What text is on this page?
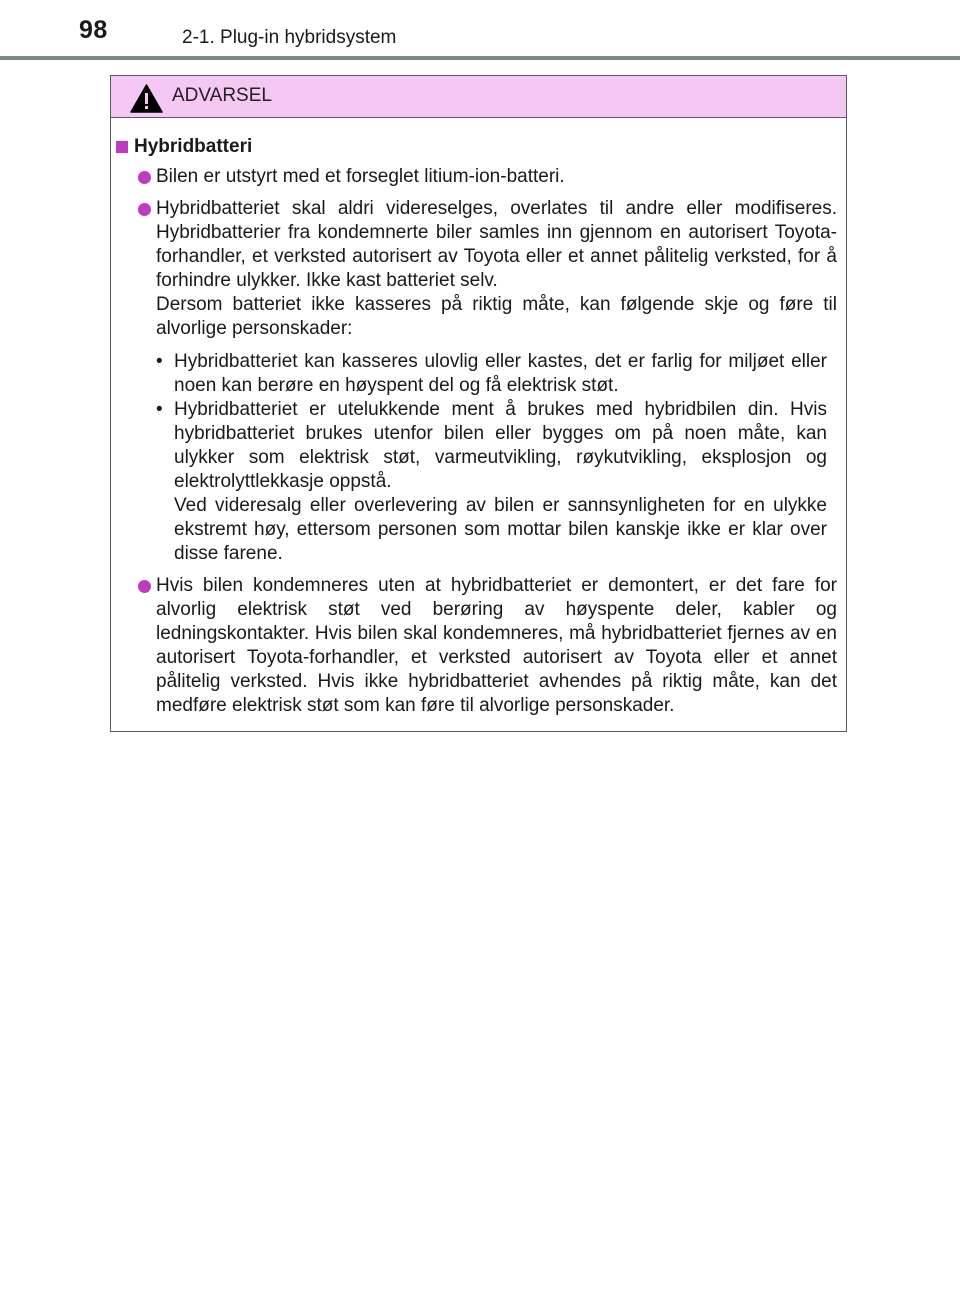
98	2-1. Plug-in hybridsystem
ADVARSEL
Hybridbatteri

Bilen er utstyrt med et forseglet litium-ion-batteri.

Hybridbatteriet skal aldri videreselges, overlates til andre eller modifiseres. Hybridbatterier fra kondemnerte biler samles inn gjennom en autorisert Toyota-forhandler, et verksted autorisert av Toyota eller et annet pålitelig verksted, for å forhindre ulykker. Ikke kast batteriet selv.

Dersom batteriet ikke kasseres på riktig måte, kan følgende skje og føre til alvorlige personskader:

• Hybridbatteriet kan kasseres ulovlig eller kastes, det er farlig for miljøet eller noen kan berøre en høyspent del og få elektrisk støt.

• Hybridbatteriet er utelukkende ment å brukes med hybridbilen din. Hvis hybridbatteriet brukes utenfor bilen eller bygges om på noen måte, kan ulykker som elektrisk støt, varmeutvikling, røykutvikling, eksplosjon og elektrolyttlekkasje oppstå.

Ved videresalg eller overlevering av bilen er sannsynligheten for en ulykke ekstremt høy, ettersom personen som mottar bilen kanskje ikke er klar over disse farene.

Hvis bilen kondemneres uten at hybridbatteriet er demontert, er det fare for alvorlig elektrisk støt ved berøring av høyspente deler, kabler og ledningskontakter. Hvis bilen skal kondemneres, må hybridbatteriet fjernes av en autorisert Toyota-forhandler, et verksted autorisert av Toyota eller et annet pålitelig verksted. Hvis ikke hybridbatteriet avhendes på riktig måte, kan det medføre elektrisk støt som kan føre til alvorlige personskader.
